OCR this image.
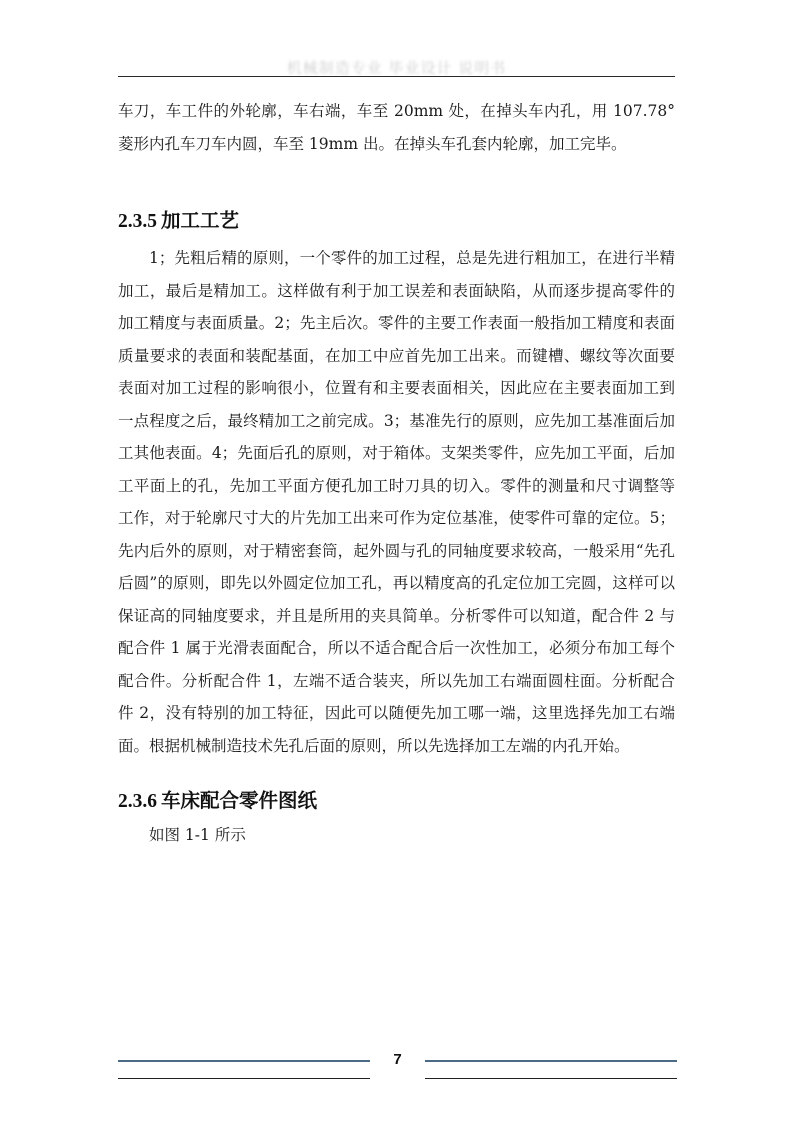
机械制造专业 毕业设计 说明书

车刀，车工件的外轮廓，车右端，车至 20mm 处，在掉头车内孔，用 107.78° 菱形内孔车刀车内圆，车至 19mm 出。在掉头车孔套内轮廓，加工完毕。

2.3.5 加工工艺

1；先粗后精的原则，一个零件的加工过程，总是先进行粗加工，在进行半精加工，最后是精加工。这样做有利于加工误差和表面缺陷，从而逐步提高零件的加工精度与表面质量。2；先主后次。零件的主要工作表面一般指加工精度和表面质量要求的表面和装配基面，在加工中应首先加工出来。而键槽、螺纹等次面要表面对加工过程的影响很小，位置有和主要表面相关，因此应在主要表面加工到一点程度之后，最终精加工之前完成。3；基准先行的原则，应先加工基准面后加工其他表面。4；先面后孔的原则，对于箱体。支架类零件，应先加工平面，后加工平面上的孔，先加工平面方便孔加工时刀具的切入。零件的测量和尺寸调整等工作，对于轮廓尺寸大的片先加工出来可作为定位基准，使零件可靠的定位。5；先内后外的原则，对于精密套筒，起外圆与孔的同轴度要求较高，一般采用“先孔后圆”的原则，即先以外圆定位加工孔，再以精度高的孔定位加工完圆，这样可以保证高的同轴度要求，并且是所用的夹具简单。分析零件可以知道，配合件 2 与配合件 1 属于光滑表面配合，所以不适合配合后一次性加工，必须分布加工每个配合件。分析配合件 1，左端不适合装夹，所以先加工右端面圆柱面。分析配合件 2，没有特别的加工特征，因此可以随便先加工哪一端，这里选择先加工右端面。根据机械制造技术先孔后面的原则，所以先选择加工左端的内孔开始。

2.3.6 车床配合零件图纸

如图 1-1 所示

7
